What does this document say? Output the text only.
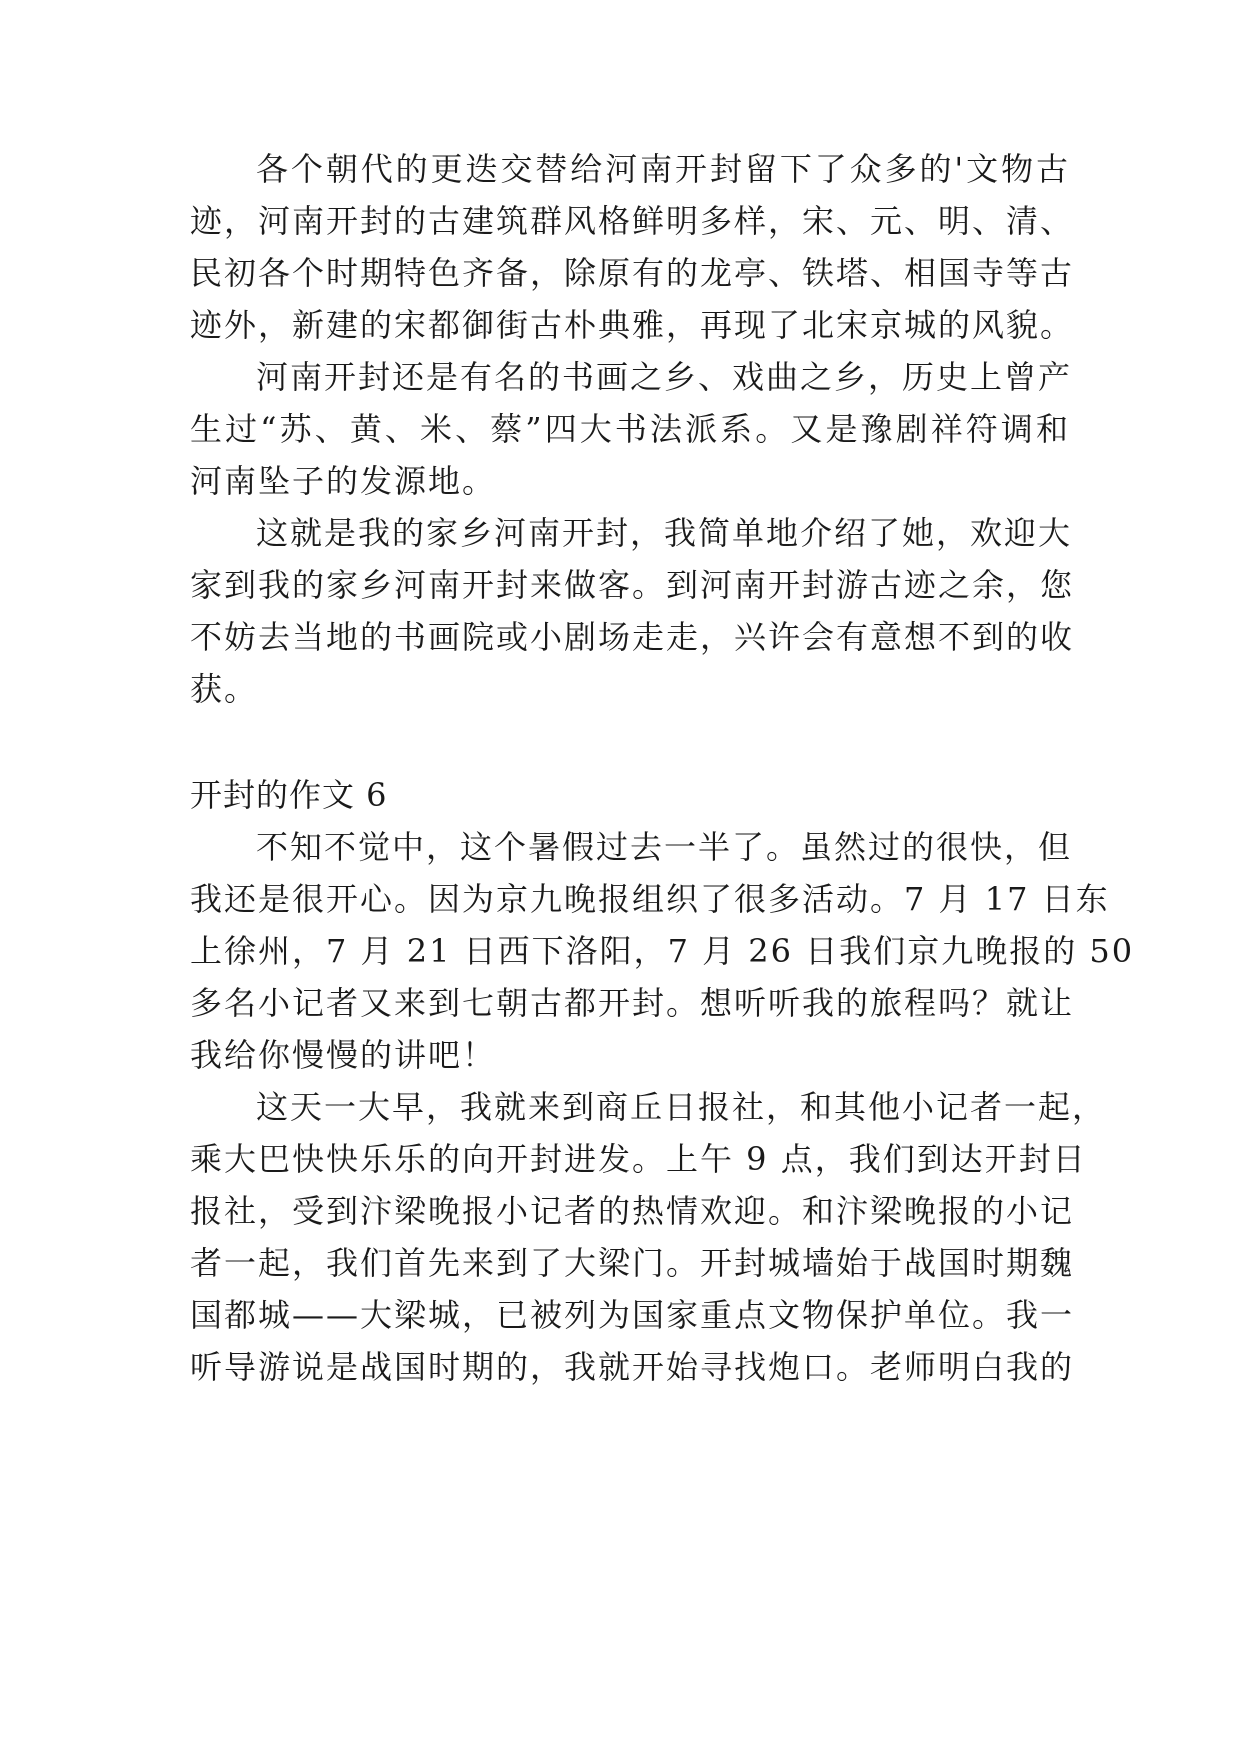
各个朝代的更迭交替给河南开封留下了众多的'文物古
迹，河南开封的古建筑群风格鲜明多样，宋、元、明、清、
民初各个时期特色齐备，除原有的龙亭、铁塔、相国寺等古
迹外，新建的宋都御街古朴典雅，再现了北宋京城的风貌。
河南开封还是有名的书画之乡、戏曲之乡，历史上曾产
生过“苏、黄、米、蔡”四大书法派系。又是豫剧祥符调和
河南坠子的发源地。
这就是我的家乡河南开封，我简单地介绍了她，欢迎大
家到我的家乡河南开封来做客。到河南开封游古迹之余，您
不妨去当地的书画院或小剧场走走，兴许会有意想不到的收
获。
开封的作文 6
不知不觉中，这个暑假过去一半了。虽然过的很快，但
我还是很开心。因为京九晚报组织了很多活动。7 月 17 日东
上徐州，7 月 21 日西下洛阳，7 月 26 日我们京九晚报的 50
多名小记者又来到七朝古都开封。想听听我的旅程吗？就让
我给你慢慢的讲吧！
这天一大早，我就来到商丘日报社，和其他小记者一起，
乘大巴快快乐乐的向开封进发。上午 9 点，我们到达开封日
报社，受到汴梁晚报小记者的热情欢迎。和汴梁晚报的小记
者一起，我们首先来到了大梁门。开封城墙始于战国时期魏
国都城——大梁城，已被列为国家重点文物保护单位。我一
听导游说是战国时期的，我就开始寻找炮口。老师明白我的
